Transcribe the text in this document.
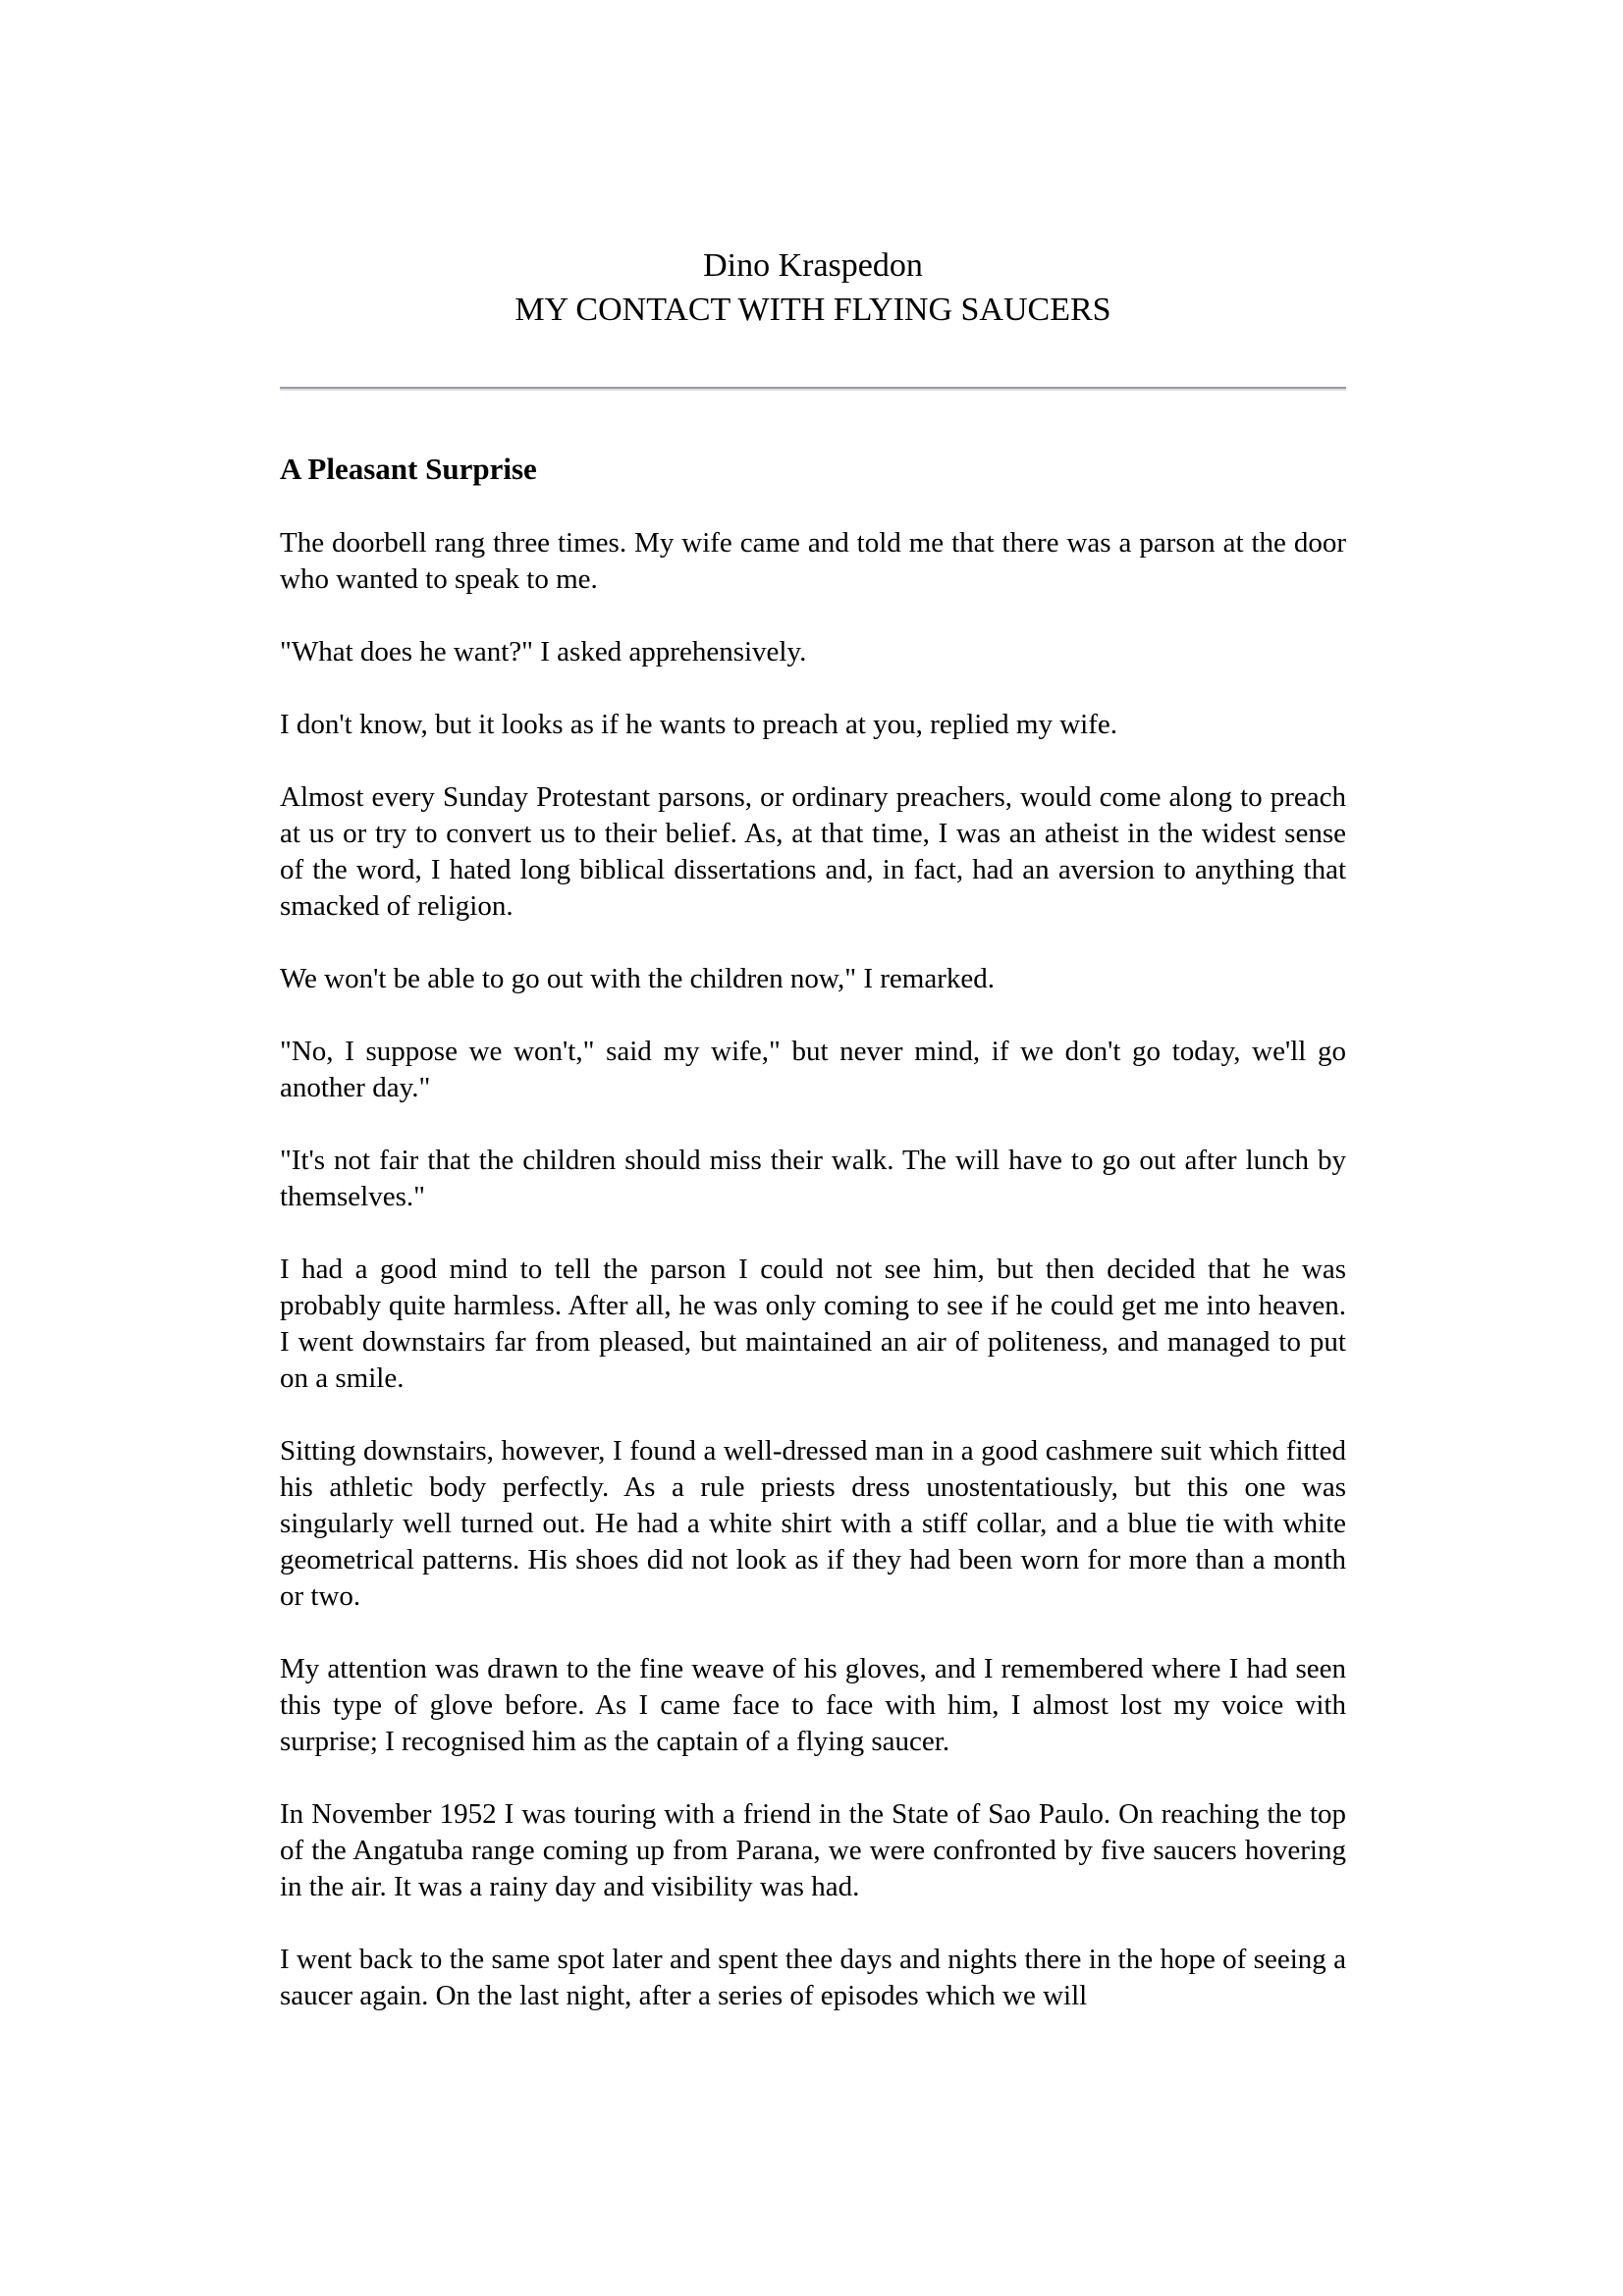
Dino Kraspedon
MY CONTACT WITH FLYING SAUCERS
A Pleasant Surprise

The doorbell rang three times. My wife came and told me that there was a parson at the door who wanted to speak to me.

"What does he want?" I asked apprehensively.

I don't know, but it looks as if he wants to preach at you, replied my wife.

Almost every Sunday Protestant parsons, or ordinary preachers, would come along to preach at us or try to convert us to their belief. As, at that time, I was an atheist in the widest sense of the word, I hated long biblical dissertations and, in fact, had an aversion to anything that smacked of religion.

We won't be able to go out with the children now," I remarked.

"No, I suppose we won't," said my wife," but never mind, if we don't go today, we'll go another day."

"It's not fair that the children should miss their walk. The will have to go out after lunch by themselves."

I had a good mind to tell the parson I could not see him, but then decided that he was probably quite harmless. After all, he was only coming to see if he could get me into heaven. I went downstairs far from pleased, but maintained an air of politeness, and managed to put on a smile.

Sitting downstairs, however, I found a well-dressed man in a good cashmere suit which fitted his athletic body perfectly. As a rule priests dress unostentatiously, but this one was singularly well turned out. He had a white shirt with a stiff collar, and a blue tie with white geometrical patterns. His shoes did not look as if they had been worn for more than a month or two.

My attention was drawn to the fine weave of his gloves, and I remembered where I had seen this type of glove before. As I came face to face with him, I almost lost my voice with surprise; I recognised him as the captain of a flying saucer.

In November 1952 I was touring with a friend in the State of Sao Paulo. On reaching the top of the Angatuba range coming up from Parana, we were confronted by five saucers hovering in the air. It was a rainy day and visibility was had.

I went back to the same spot later and spent thee days and nights there in the hope of seeing a saucer again. On the last night, after a series of episodes which we will
